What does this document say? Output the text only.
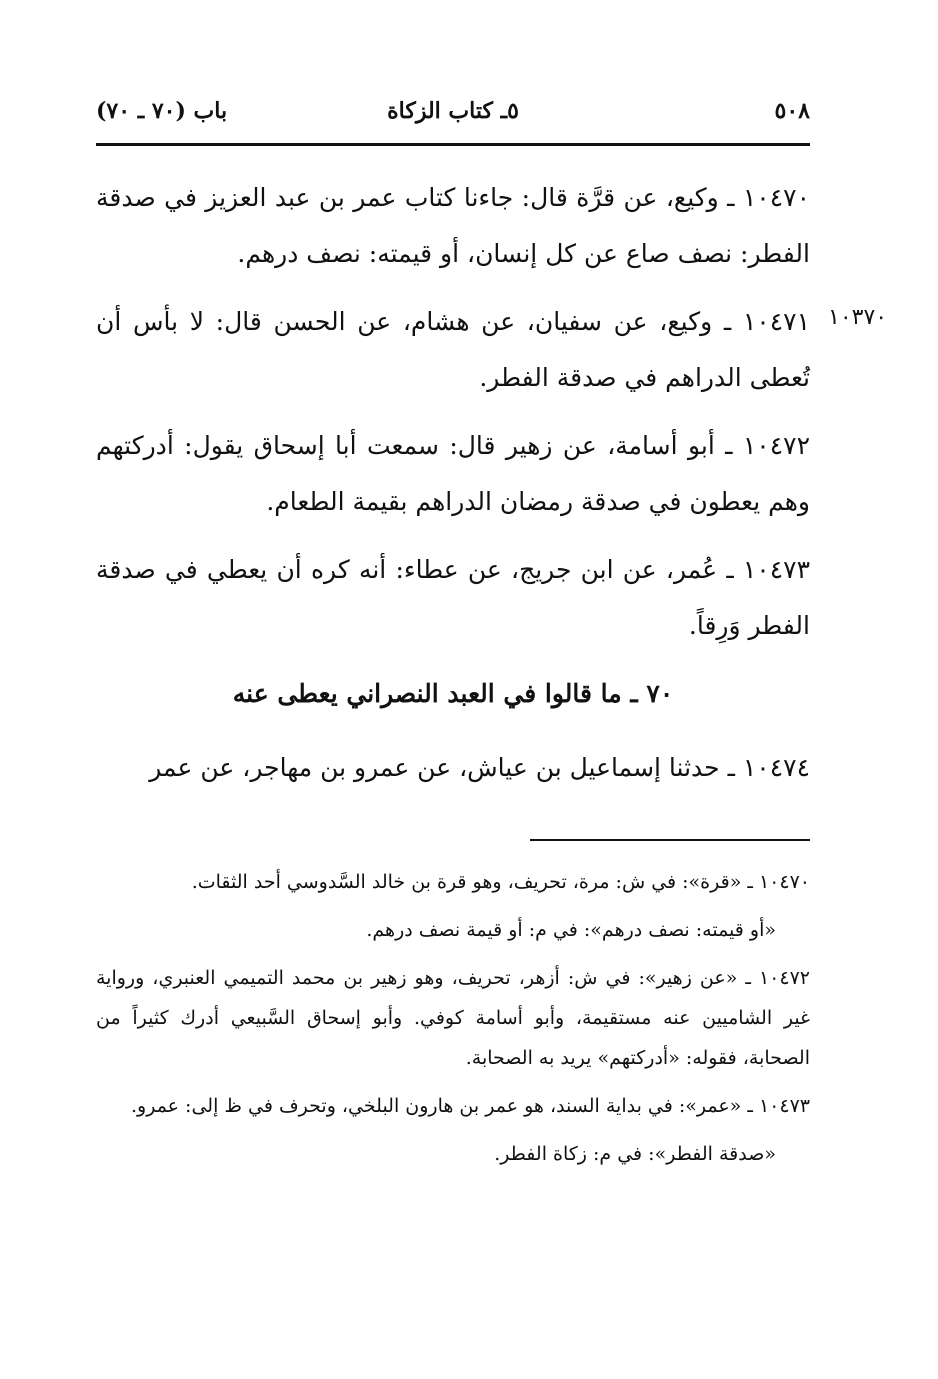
٥٠٨
٥ـ كتاب الزكاة
باب (٧٠ ـ ٧٠)
١٠٣٧٠

١٠٤٧٠ ـ وكيع، عن قرَّة قال: جاءنا كتاب عمر بن عبد العزيز في صدقة الفطر: نصف صاع عن كل إنسان، أو قيمته: نصف درهم.

١٠٤٧١ ـ وكيع، عن سفيان، عن هشام، عن الحسن قال: لا بأس أن تُعطى الدراهم في صدقة الفطر.

١٠٤٧٢ ـ أبو أسامة، عن زهير قال: سمعت أبا إسحاق يقول: أدركتهم وهم يعطون في صدقة رمضان الدراهم بقيمة الطعام.

١٠٤٧٣ ـ عُمر، عن ابن جريج، عن عطاء: أنه كره أن يعطي في صدقة الفطر وَرِقاً.

٧٠ ـ ما قالوا في العبد النصراني يعطى عنه

١٠٤٧٤ ـ حدثنا إسماعيل بن عياش، عن عمرو بن مهاجر، عن عمر

١٠٤٧٠ ـ «قرة»: في ش: مرة، تحريف، وهو قرة بن خالد السَّدوسي أحد الثقات.

«أو قيمته: نصف درهم»: في م: أو قيمة نصف درهم.

١٠٤٧٢ ـ «عن زهير»: في ش: أزهر، تحريف، وهو زهير بن محمد التميمي العنبري، ورواية غير الشاميين عنه مستقيمة، وأبو أسامة كوفي. وأبو إسحاق السَّبيعي أدرك كثيراً من الصحابة، فقوله: «أدركتهم» يريد به الصحابة.

١٠٤٧٣ ـ «عمر»: في بداية السند، هو عمر بن هارون البلخي، وتحرف في ظ إلى: عمرو.

«صدقة الفطر»: في م: زكاة الفطر.
